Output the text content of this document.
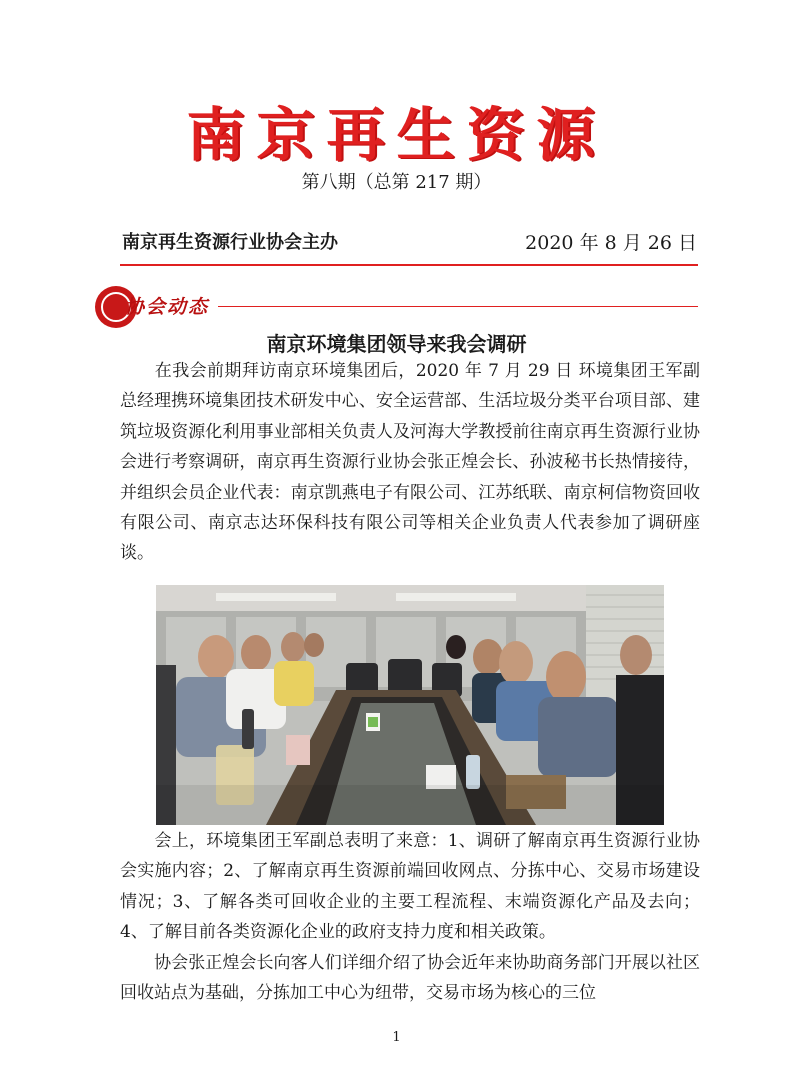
南京再生资源
第八期（总第 217 期）
南京再生资源行业协会主办	2020 年 8 月 26 日
协会动态
南京环境集团领导来我会调研

　　在我会前期拜访南京环境集团后，2020 年 7 月 29 日 环境集团王军副总经理携环境集团技术研发中心、安全运营部、生活垃圾分类平台项目部、建筑垃圾资源化利用事业部相关负责人及河海大学教授前往南京再生资源行业协会进行考察调研，南京再生资源行业协会张正煌会长、孙波秘书长热情接待，并组织会员企业代表：南京凯燕电子有限公司、江苏纸联、南京柯信物资回收有限公司、南京志达环保科技有限公司等相关企业负责人代表参加了调研座谈。

　　会上，环境集团王军副总表明了来意：1、调研了解南京再生资源行业协会实施内容；2、了解南京再生资源前端回收网点、分拣中心、交易市场建设情况；3、了解各类可回收企业的主要工程流程、末端资源化产品及去向；4、了解目前各类资源化企业的政府支持力度和相关政策。

　　协会张正煌会长向客人们详细介绍了协会近年来协助商务部门开展以社区回收站点为基础，分拣加工中心为纽带，交易市场为核心的三位

1
